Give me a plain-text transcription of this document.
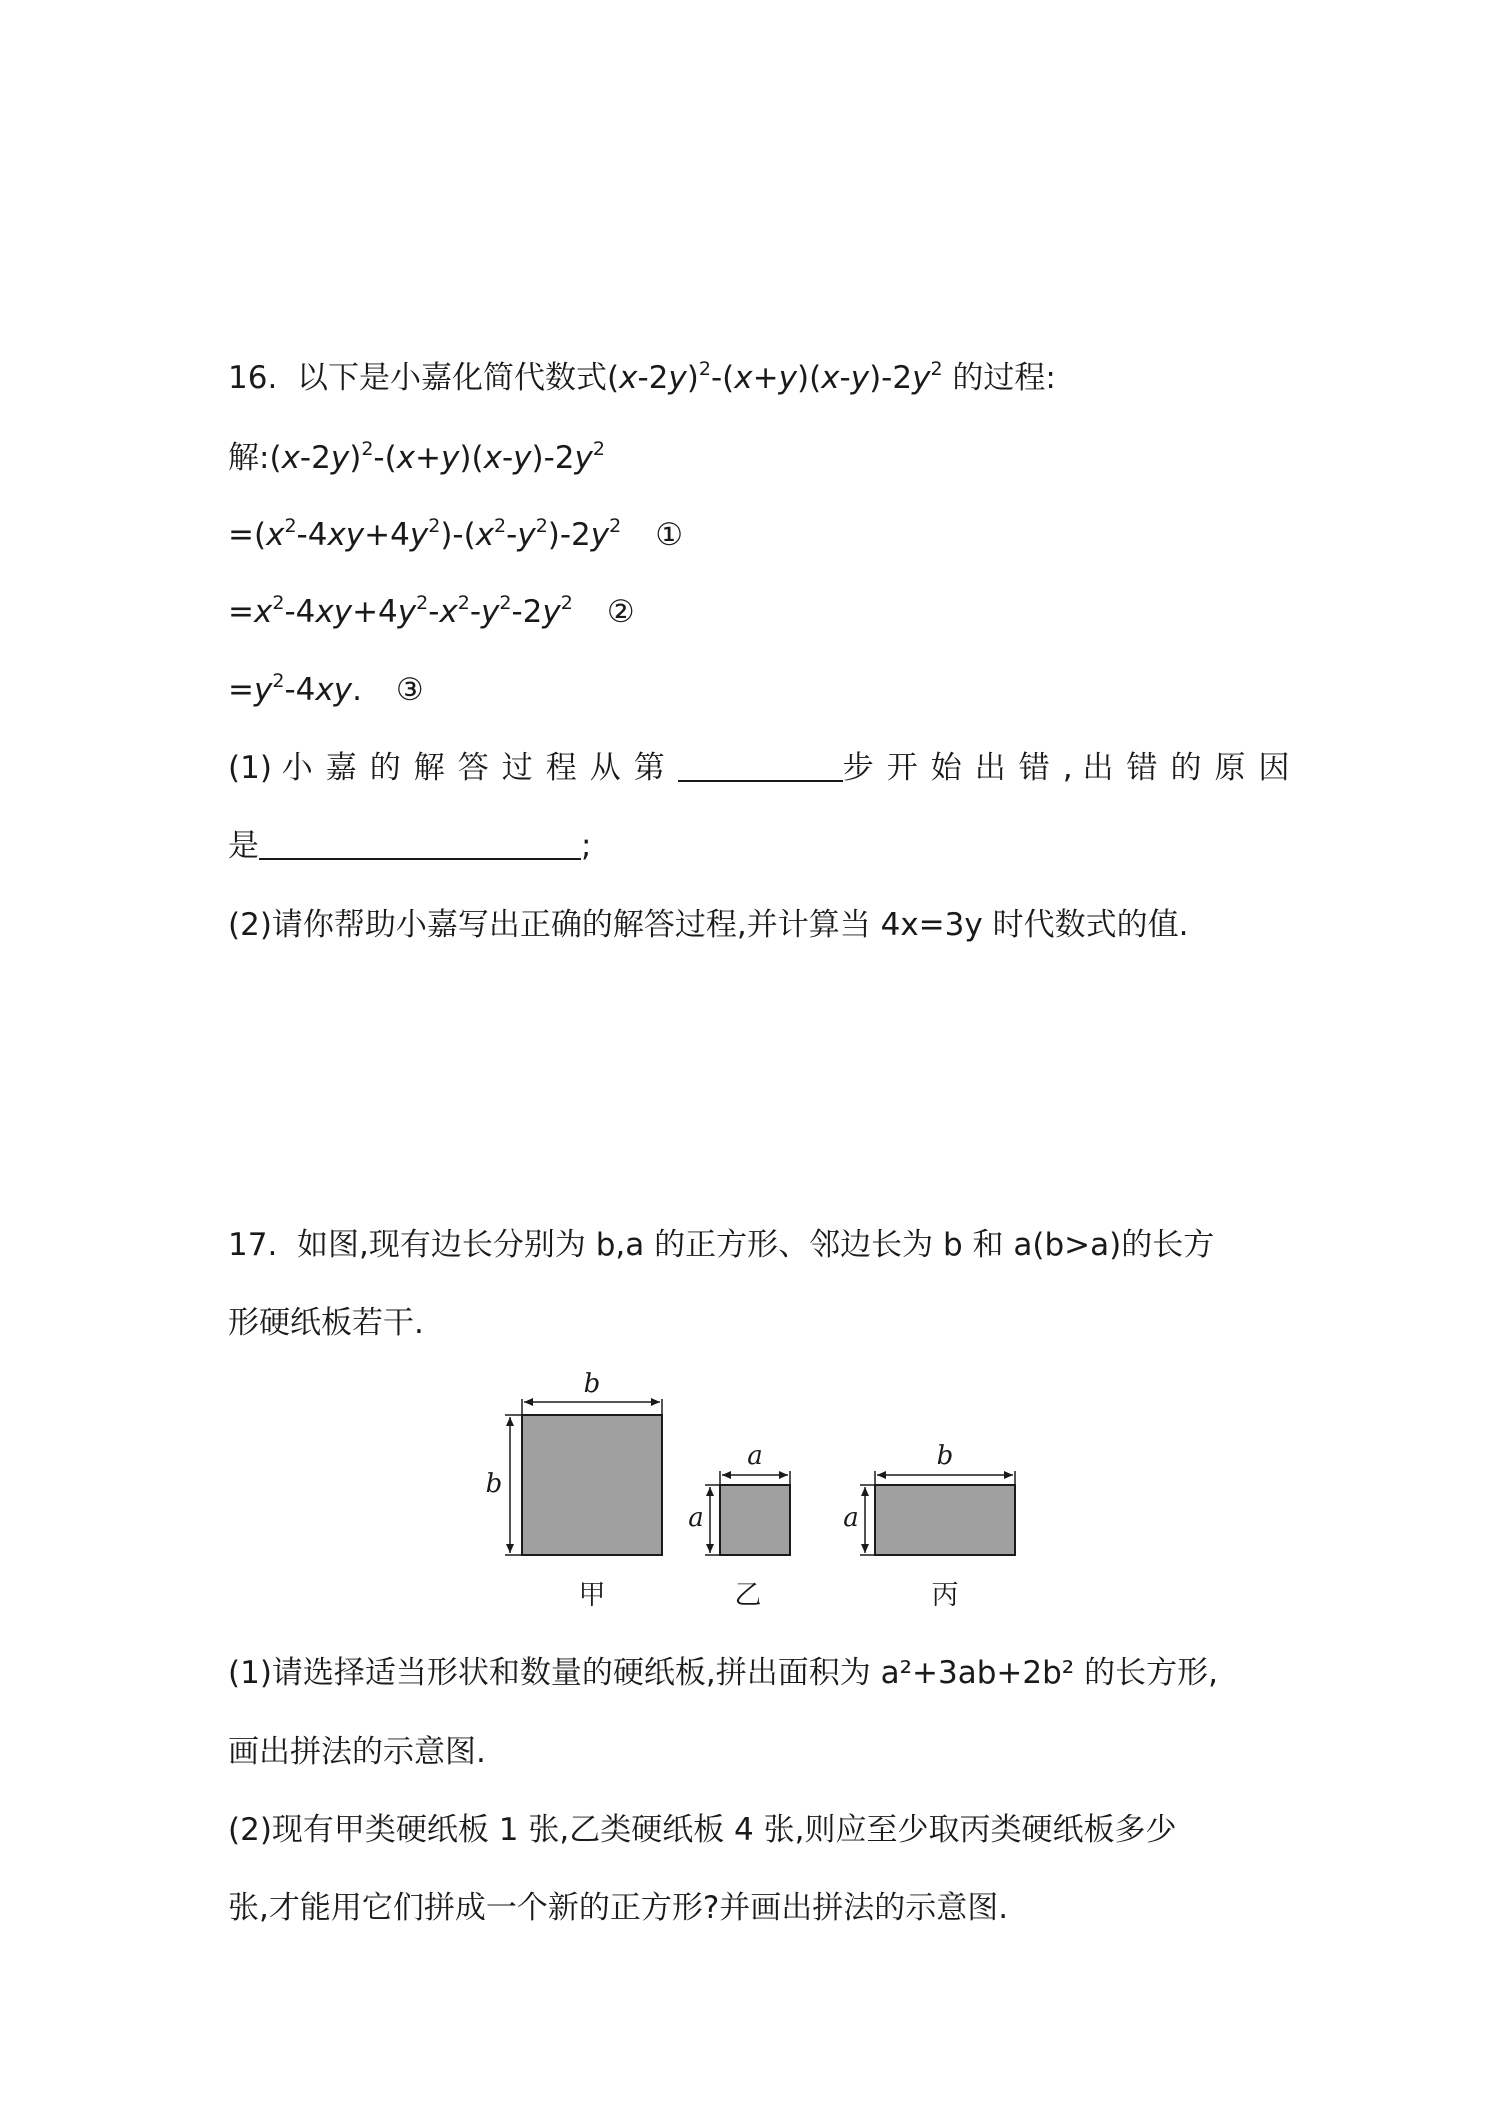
16. 以下是小嘉化简代数式$(x-2y)^2-(x+y)(x-y)-2y^2$ 的过程:
解$:(x-2y)^2-(x+y)(x-y)-2y^2$
$=(x^2-4xy+4y^2)-(x^2-y^2)-2y^2$ ①
$=x^2-4xy+4y^2-x^2-y^2-2y^2$ ②
$=y^2-4xy$. ③
(1) 小嘉的解答过程从第	步开始出错, 出错的原因
是	;
(2)请你帮助小嘉写出正确的解答过程,并计算当 4x=3y 时代数式的值.
17. 如图,现有边长分别为 b,a 的正方形、邻边长为 b 和 a(b>a)的长方
形硬纸板若干.
b
b
甲
a
a
乙
b
a
丙
(1)请选择适当形状和数量的硬纸板,拼出面积为 a²+3ab+2b² 的长方形,
画出拼法的示意图.
(2)现有甲类硬纸板 1 张,乙类硬纸板 4 张,则应至少取丙类硬纸板多少
张,才能用它们拼成一个新的正方形?并画出拼法的示意图.
